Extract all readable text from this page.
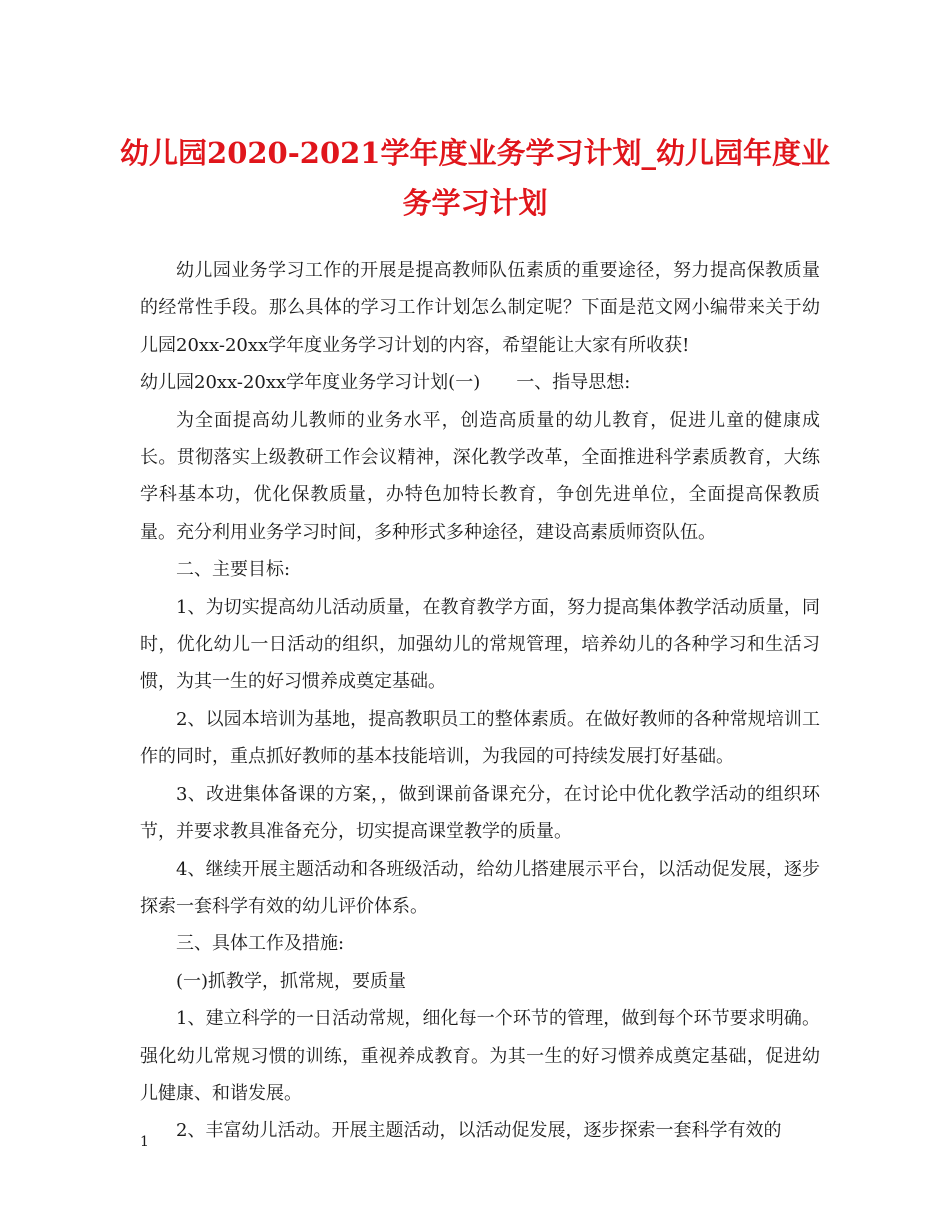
幼儿园2020-2021学年度业务学习计划_幼儿园年度业务学习计划

幼儿园业务学习工作的开展是提高教师队伍素质的重要途径，努力提高保教质量的经常性手段。那么具体的学习工作计划怎么制定呢？下面是范文网小编带来关于幼儿园20xx-20xx学年度业务学习计划的内容，希望能让大家有所收获!

幼儿园20xx-20xx学年度业务学习计划(一) 一、指导思想:

为全面提高幼儿教师的业务水平，创造高质量的幼儿教育，促进儿童的健康成长。贯彻落实上级教研工作会议精神，深化教学改革，全面推进科学素质教育，大练学科基本功，优化保教质量，办特色加特长教育，争创先进单位，全面提高保教质量。充分利用业务学习时间，多种形式多种途径，建设高素质师资队伍。

二、主要目标:

1、为切实提高幼儿活动质量，在教育教学方面，努力提高集体教学活动质量，同时，优化幼儿一日活动的组织，加强幼儿的常规管理，培养幼儿的各种学习和生活习惯，为其一生的好习惯养成奠定基础。

2、以园本培训为基地，提高教职员工的整体素质。在做好教师的各种常规培训工作的同时，重点抓好教师的基本技能培训，为我园的可持续发展打好基础。

3、改进集体备课的方案，，做到课前备课充分，在讨论中优化教学活动的组织环节，并要求教具准备充分，切实提高课堂教学的质量。

4、继续开展主题活动和各班级活动，给幼儿搭建展示平台，以活动促发展，逐步探索一套科学有效的幼儿评价体系。

三、具体工作及措施:

(一)抓教学，抓常规，要质量

1、建立科学的一日活动常规，细化每一个环节的管理，做到每个环节要求明确。强化幼儿常规习惯的训练，重视养成教育。为其一生的好习惯养成奠定基础，促进幼儿健康、和谐发展。

2、丰富幼儿活动。开展主题活动，以活动促发展，逐步探索一套科学有效的

1
